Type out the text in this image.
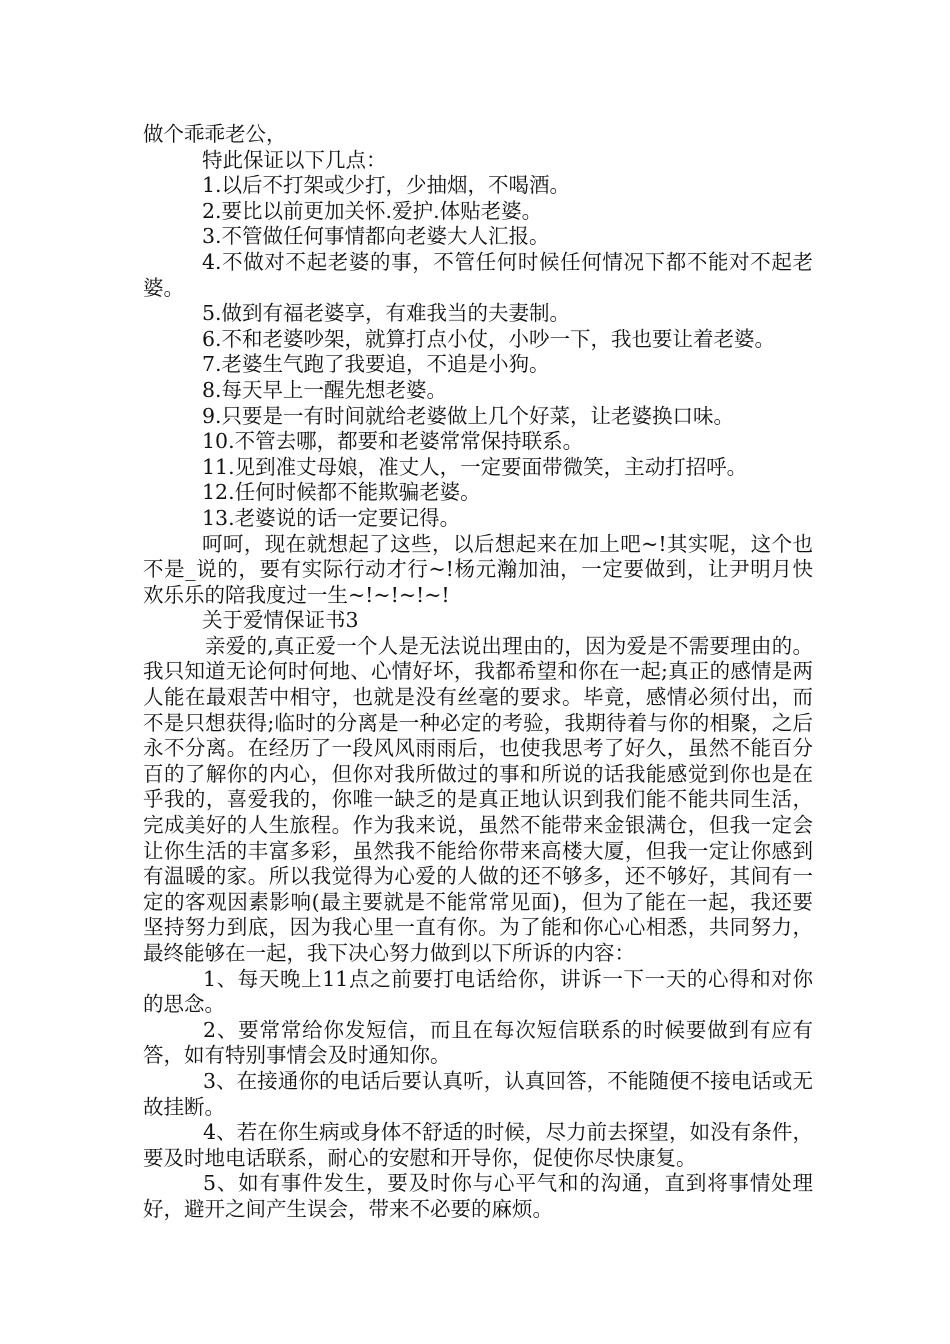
做个乖乖老公，

特此保证以下几点：

1.以后不打架或少打，少抽烟，不喝酒。

2.要比以前更加关怀.爱护.体贴老婆。

3.不管做任何事情都向老婆大人汇报。

4.不做对不起老婆的事，不管任何时候任何情况下都不能对不起老婆。

5.做到有福老婆享，有难我当的夫妻制。

6.不和老婆吵架，就算打点小仗，小吵一下，我也要让着老婆。

7.老婆生气跑了我要追，不追是小狗。

8.每天早上一醒先想老婆。

9.只要是一有时间就给老婆做上几个好菜，让老婆换口味。

10.不管去哪，都要和老婆常常保持联系。

11.见到准丈母娘，准丈人，一定要面带微笑，主动打招呼。

12.任何时候都不能欺骗老婆。

13.老婆说的话一定要记得。

呵呵，现在就想起了这些，以后想起来在加上吧~!其实呢，这个也不是_说的，要有实际行动才行~!杨元瀚加油，一定要做到，让尹明月快欢乐乐的陪我度过一生~!~!~!~!

关于爱情保证书3

亲爱的,真正爱一个人是无法说出理由的，因为爱是不需要理由的。我只知道无论何时何地、心情好坏，我都希望和你在一起;真正的感情是两人能在最艰苦中相守，也就是没有丝毫的要求。毕竟，感情必须付出，而不是只想获得;临时的分离是一种必定的考验，我期待着与你的相聚，之后永不分离。在经历了一段风风雨雨后，也使我思考了好久，虽然不能百分百的了解你的内心，但你对我所做过的事和所说的话我能感觉到你也是在乎我的，喜爱我的，你唯一缺乏的是真正地认识到我们能不能共同生活，完成美好的人生旅程。作为我来说，虽然不能带来金银满仓，但我一定会让你生活的丰富多彩，虽然我不能给你带来高楼大厦，但我一定让你感到有温暖的家。所以我觉得为心爱的人做的还不够多，还不够好，其间有一定的客观因素影响(最主要就是不能常常见面)，但为了能在一起，我还要坚持努力到底，因为我心里一直有你。为了能和你心心相悉，共同努力，最终能够在一起，我下决心努力做到以下所诉的内容：

1、每天晚上11点之前要打电话给你，讲诉一下一天的心得和对你的思念。

2、要常常给你发短信，而且在每次短信联系的时候要做到有应有答，如有特别事情会及时通知你。

3、在接通你的电话后要认真听，认真回答，不能随便不接电话或无故挂断。

4、若在你生病或身体不舒适的时候，尽力前去探望，如没有条件，要及时地电话联系，耐心的安慰和开导你，促使你尽快康复。

5、如有事件发生，要及时你与心平气和的沟通，直到将事情处理好，避开之间产生误会，带来不必要的麻烦。
